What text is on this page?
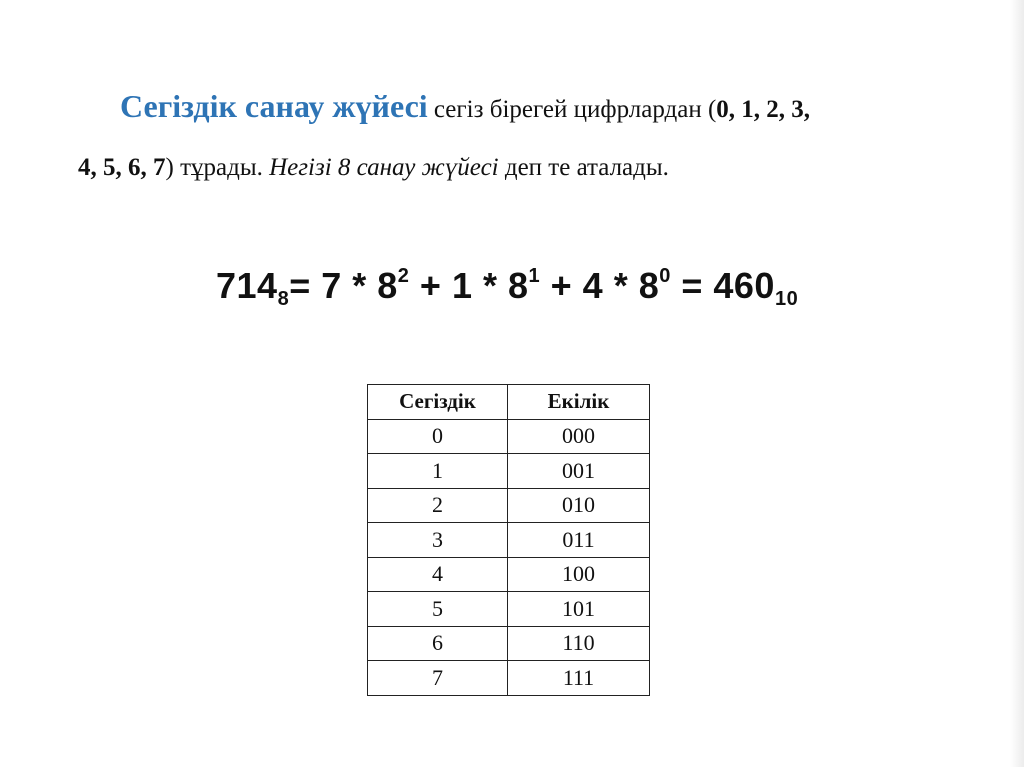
Сегіздік санау жүйесі сегіз бірегей цифрлардан (0, 1, 2, 3,
4, 5, 6, 7) тұрады. Негізі 8 санау жүйесі деп те аталады.
$714_8= 7 * 8^2 + 1 * 8^1 + 4 * 8^0 = 460_{10}$
Сегіздік	Екілік
0	000
1	001
2	010
3	011
4	100
5	101
6	110
7	111
